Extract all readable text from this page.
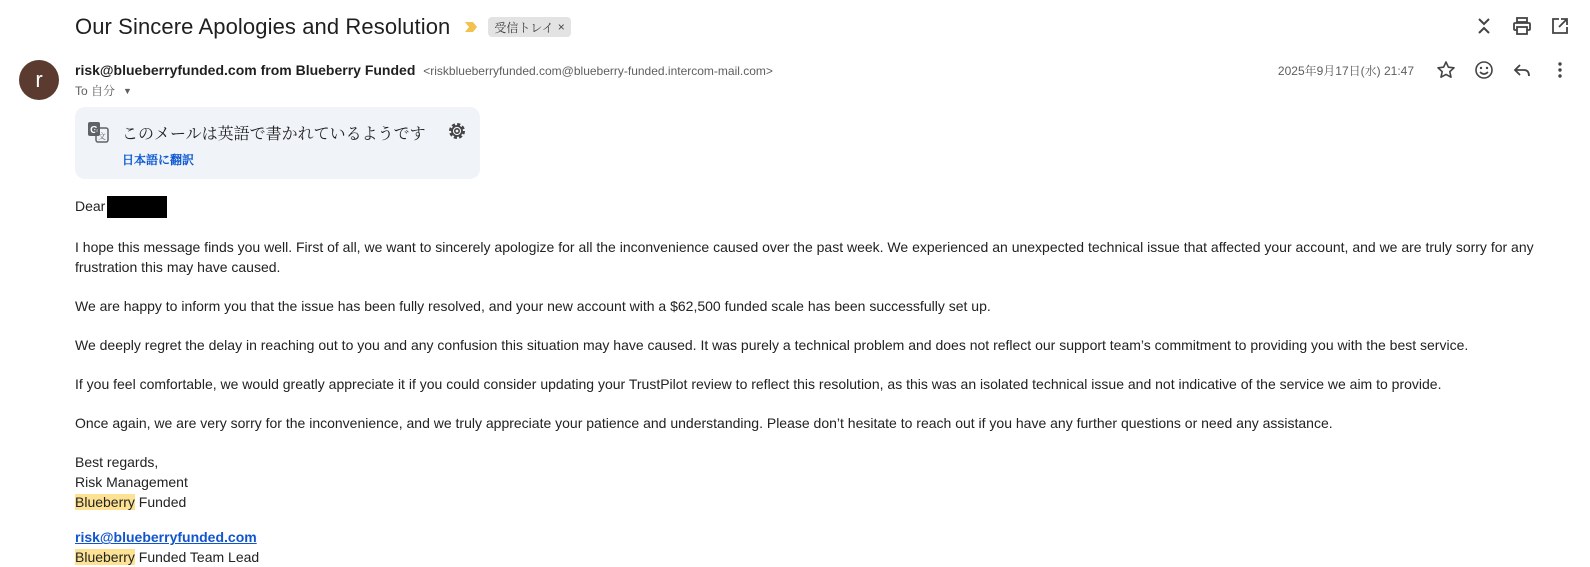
Our Sincere Apologies and Resolution	受信トレイ ×
r	risk@blueberryfunded.com from Blueberry Funded <riskblueberryfunded.com@blueberry-funded.intercom-mail.com>
To 自分 ▼
2025年9月17日(水) 21:47
G
文 このメールは英語で書かれているようです
日本語に翻訳

Dear

I hope this message finds you well. First of all, we want to sincerely apologize for all the inconvenience caused over the past week. We experienced an unexpected technical issue that affected your account, and we are truly sorry for any frustration this may have caused.

We are happy to inform you that the issue has been fully resolved, and your new account with a $62,500 funded scale has been successfully set up.

We deeply regret the delay in reaching out to you and any confusion this situation may have caused. It was purely a technical problem and does not reflect our support team’s commitment to providing you with the best service.

If you feel comfortable, we would greatly appreciate it if you could consider updating your TrustPilot review to reflect this resolution, as this was an isolated technical issue and not indicative of the service we aim to provide.

Once again, we are very sorry for the inconvenience, and we truly appreciate your patience and understanding. Please don’t hesitate to reach out if you have any further questions or need any assistance.

Best regards,

Risk Management

Blueberry Funded

risk@blueberryfunded.com

Blueberry Funded Team Lead
